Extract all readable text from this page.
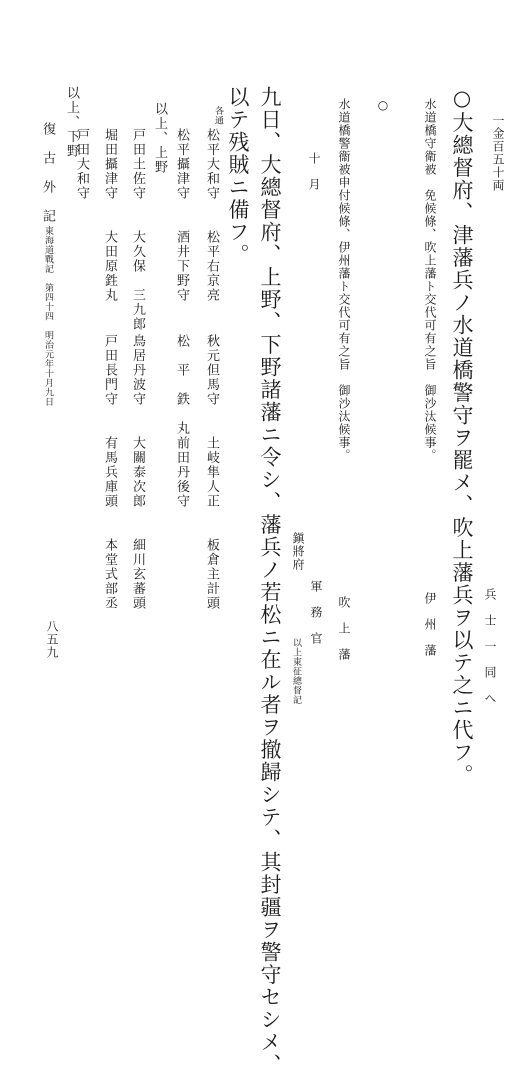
一金百五十両
兵　士　一　同　へ
○大總督府、津藩兵ノ水道橋警守ヲ罷メ、吹上藩兵ヲ以テ之ニ代フ。
水道橋守衛被　免候條、吹上藩ト交代可有之旨　御沙汰候事。
伊　州　藩
○
水道橋警衞被申付候條、伊州藩ト交代可有之旨　御沙汰候事。
吹　上　藩
十　月
鎭將府
軍　務　官
以上東征總督記
九日、大總督府、上野、下野諸藩ニ令シ、藩兵ノ若松ニ在ル者ヲ撤歸シテ、其封疆ヲ警守セシメ、
以テ残賊ニ備フ。
各通
松平大和守
松平右京亮
秋元但馬守
土岐隼人正
板倉主計頭
松平攝津守
酒井下野守
松　平　鉄　丸
前田丹後守
以上、上野
戸田土佐守
大久保　三九郎
鳥居丹波守
大關泰次郎
細川玄蕃頭
堀田攝津守
大田原鉎丸
戸田長門守
有馬兵庫頭
本堂式部丞
戸田大和守
以上、下野
復　古　外　記
東海道戰記　第四十四　明治元年十月九日
八五九
